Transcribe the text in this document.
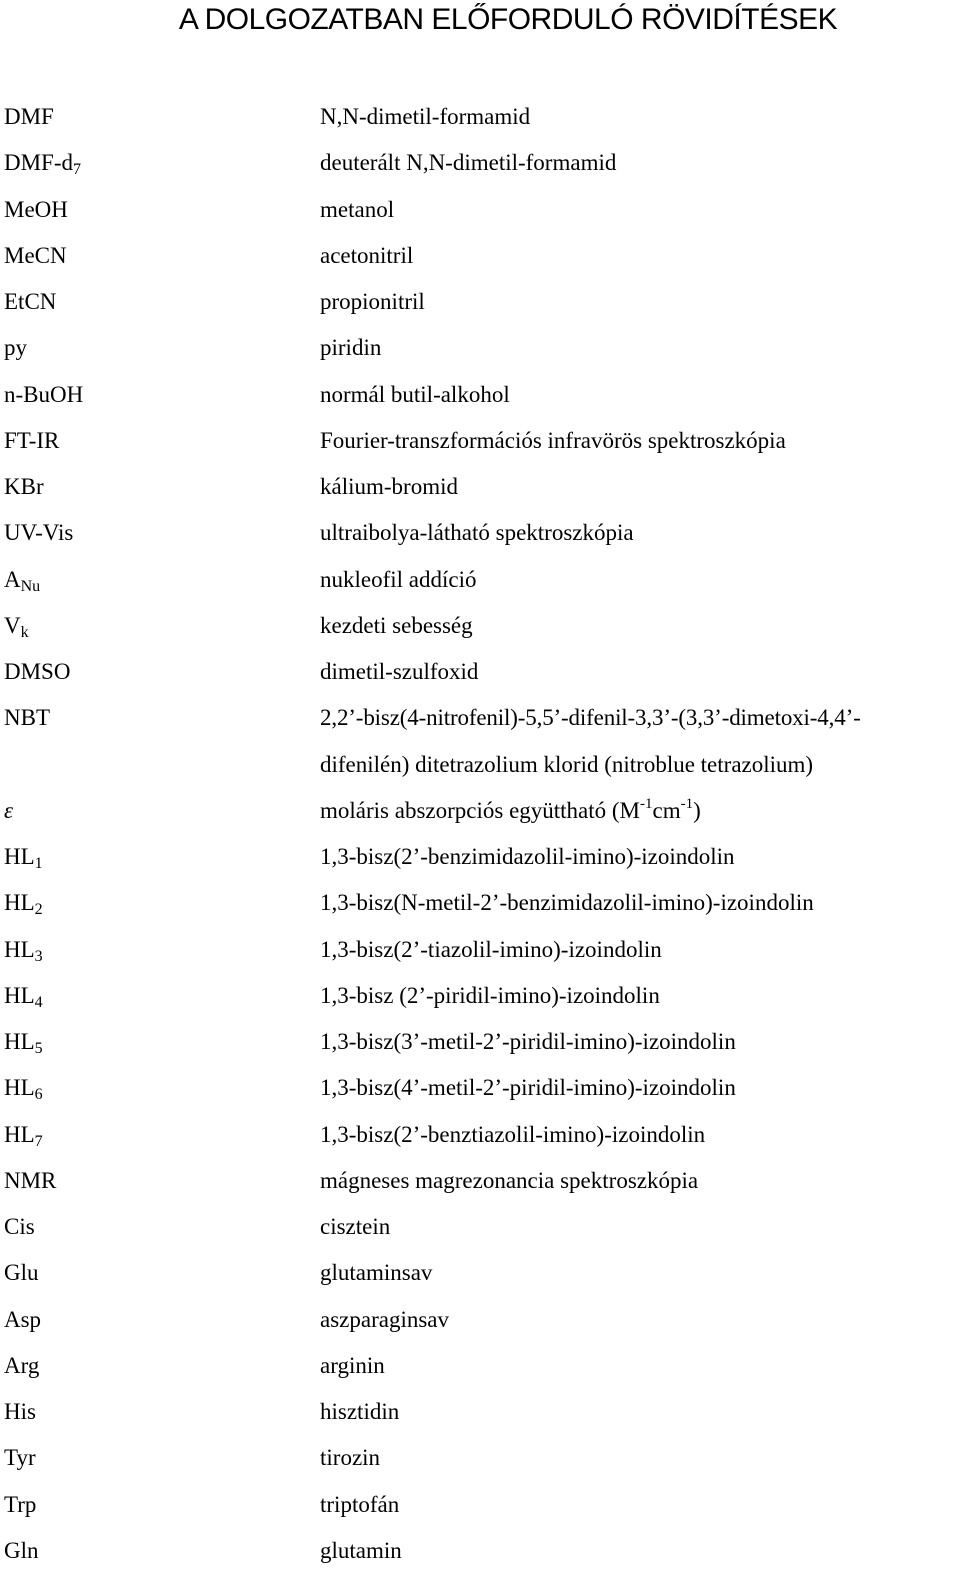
A DOLGOZATBAN ELŐFORDULÓ RÖVIDÍTÉSEK
DMF	N,N-dimetil-formamid
DMF-$d_7$	deuterált N,N-dimetil-formamid
MeOH	metanol
MeCN	acetonitril
EtCN	propionitril
py	piridin
n-BuOH	normál butil-alkohol
FT-IR	Fourier-transzformációs infravörös spektroszkópia
KBr	kálium-bromid
UV-Vis	ultraibolya-látható spektroszkópia
$A_{Nu}$	nukleofil addíció
$V_k$	kezdeti sebesség
DMSO	dimetil-szulfoxid
NBT	2,2’-bisz(4-nitrofenil)-5,5’-difenil-3,3’-(3,3’-dimetoxi-4,4’-
difenilén) ditetrazolium klorid (nitroblue tetrazolium)
ε	moláris abszorpciós együttható $(M^{-1}cm^{-1})$
$HL_1$	1,3-bisz(2’-benzimidazolil-imino)-izoindolin
$HL_2$	1,3-bisz(N-metil-2’-benzimidazolil-imino)-izoindolin
$HL_3$	1,3-bisz(2’-tiazolil-imino)-izoindolin
$HL_4$	1,3-bisz (2’-piridil-imino)-izoindolin
$HL_5$	1,3-bisz(3’-metil-2’-piridil-imino)-izoindolin
$HL_6$	1,3-bisz(4’-metil-2’-piridil-imino)-izoindolin
$HL_7$	1,3-bisz(2’-benztiazolil-imino)-izoindolin
NMR	mágneses magrezonancia spektroszkópia
Cis	cisztein
Glu	glutaminsav
Asp	aszparaginsav
Arg	arginin
His	hisztidin
Tyr	tirozin
Trp	triptofán
Gln	glutamin
